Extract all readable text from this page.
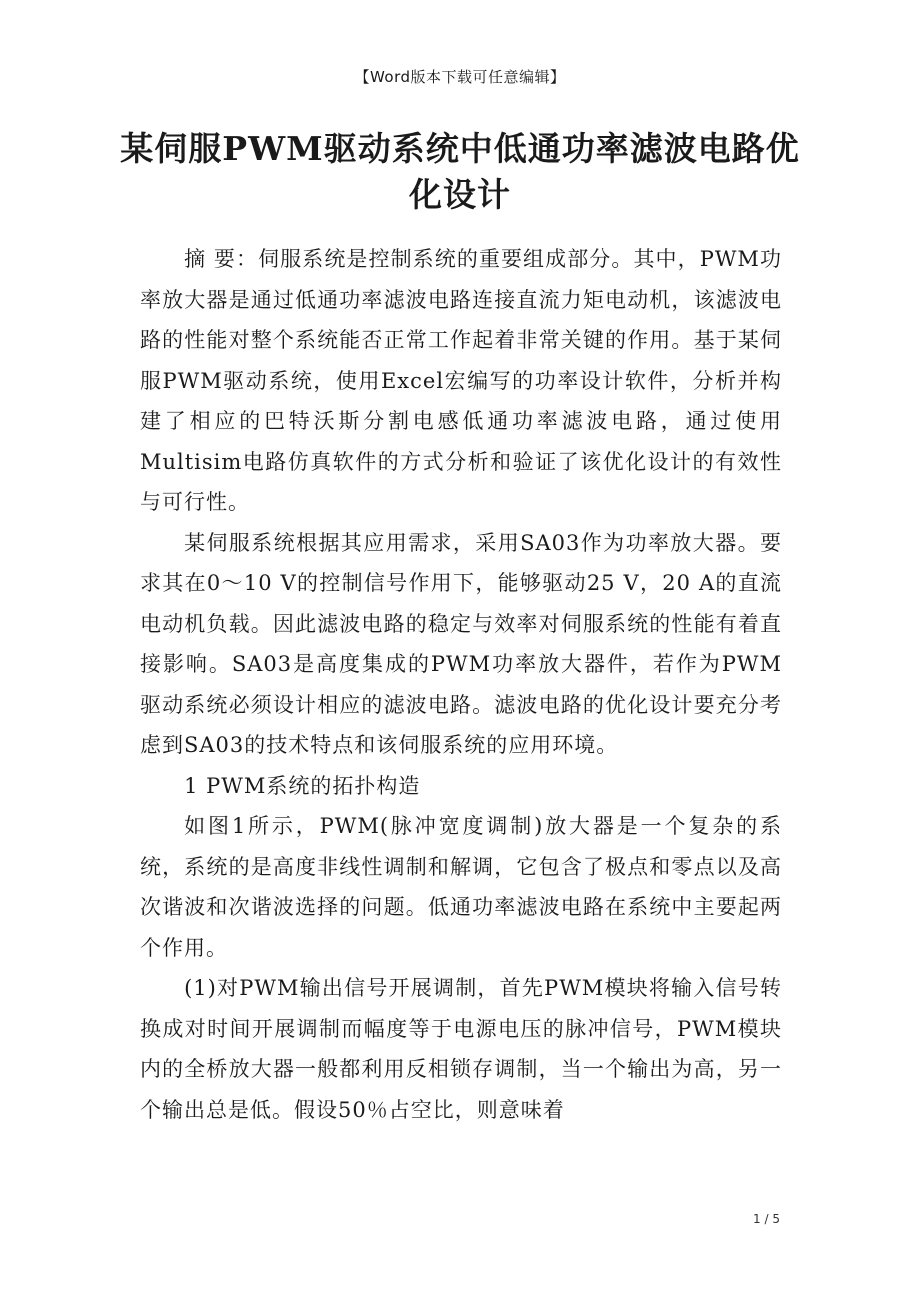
【Word版本下载可任意编辑】
某伺服PWM驱动系统中低通功率滤波电路优化设计

摘 要：伺服系统是控制系统的重要组成部分。其中，PWM功率放大器是通过低通功率滤波电路连接直流力矩电动机，该滤波电路的性能对整个系统能否正常工作起着非常关键的作用。基于某伺服PWM驱动系统，使用Excel宏编写的功率设计软件，分析并构建了相应的巴特沃斯分割电感低通功率滤波电路，通过使用Multisim电路仿真软件的方式分析和验证了该优化设计的有效性与可行性。

某伺服系统根据其应用需求，采用SA03作为功率放大器。要求其在0～10 V的控制信号作用下，能够驱动25 V，20 A的直流电动机负载。因此滤波电路的稳定与效率对伺服系统的性能有着直接影响。SA03是高度集成的PWM功率放大器件，若作为PWM驱动系统必须设计相应的滤波电路。滤波电路的优化设计要充分考虑到SA03的技术特点和该伺服系统的应用环境。

1 PWM系统的拓扑构造

如图1所示，PWM(脉冲宽度调制)放大器是一个复杂的系统，系统的是高度非线性调制和解调，它包含了极点和零点以及高次谐波和次谐波选择的问题。低通功率滤波电路在系统中主要起两个作用。

(1)对PWM输出信号开展调制，首先PWM模块将输入信号转换成对时间开展调制而幅度等于电源电压的脉冲信号，PWM模块内的全桥放大器一般都利用反相锁存调制，当一个输出为高，另一个输出总是低。假设50％占空比，则意味着

1 / 5
